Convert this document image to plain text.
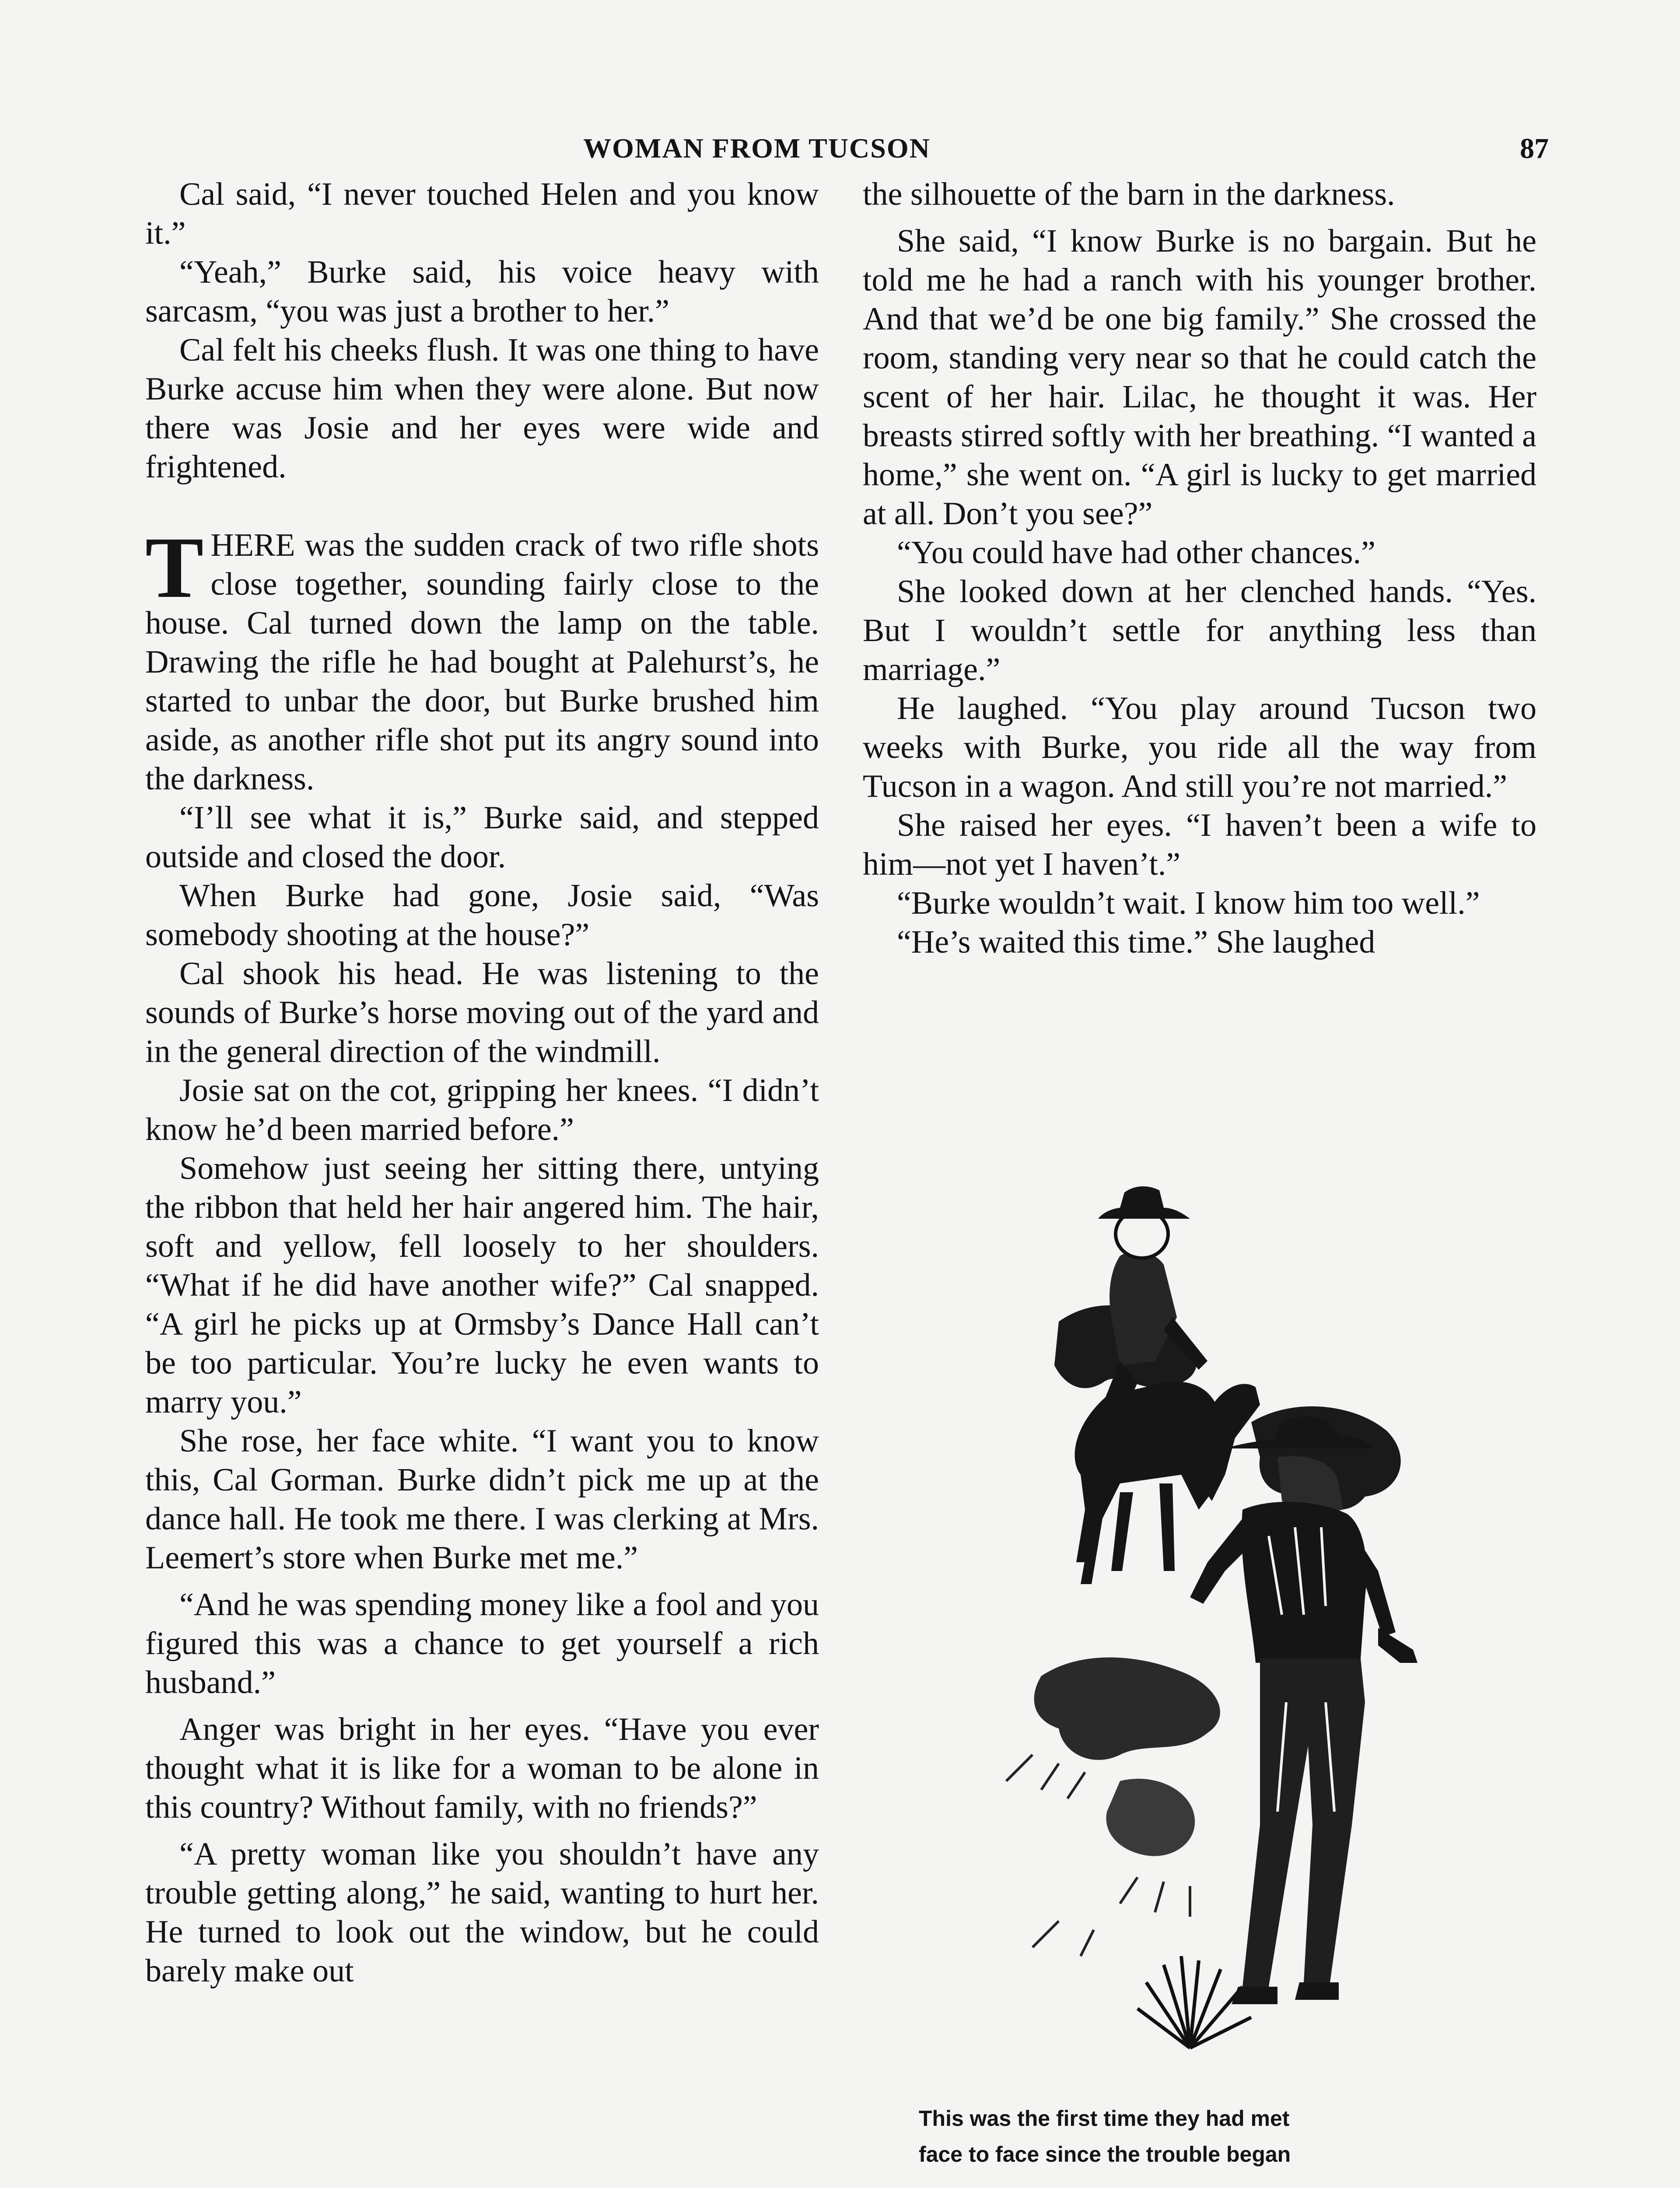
WOMAN FROM TUCSON	87

Cal said, “I never touched Helen and you know it.”

“Yeah,” Burke said, his voice heavy with sarcasm, “you was just a brother to her.”

Cal felt his cheeks flush. It was one thing to have Burke accuse him when they were alone. But now there was Josie and her eyes were wide and frightened.

THERE was the sudden crack of two rifle shots close together, sounding fairly close to the house. Cal turned down the lamp on the table. Drawing the rifle he had bought at Palehurst’s, he started to unbar the door, but Burke brushed him aside, as another rifle shot put its angry sound into the darkness.

“I’ll see what it is,” Burke said, and stepped outside and closed the door.

When Burke had gone, Josie said, “Was somebody shooting at the house?”

Cal shook his head. He was listening to the sounds of Burke’s horse moving out of the yard and in the general direction of the windmill.

Josie sat on the cot, gripping her knees. “I didn’t know he’d been married before.”

Somehow just seeing her sitting there, untying the ribbon that held her hair angered him. The hair, soft and yellow, fell loosely to her shoulders. “What if he did have another wife?” Cal snapped. “A girl he picks up at Ormsby’s Dance Hall can’t be too particular. You’re lucky he even wants to marry you.”

She rose, her face white. “I want you to know this, Cal Gorman. Burke didn’t pick me up at the dance hall. He took me there. I was clerking at Mrs. Leemert’s store when Burke met me.”

“And he was spending money like a fool and you figured this was a chance to get yourself a rich husband.”

Anger was bright in her eyes. “Have you ever thought what it is like for a woman to be alone in this country? Without family, with no friends?”

“A pretty woman like you shouldn’t have any trouble getting along,” he said, wanting to hurt her. He turned to look out the window, but he could barely make out

the silhouette of the barn in the darkness.

She said, “I know Burke is no bargain. But he told me he had a ranch with his younger brother. And that we’d be one big family.” She crossed the room, standing very near so that he could catch the scent of her hair. Lilac, he thought it was. Her breasts stirred softly with her breathing. “I wanted a home,” she went on. “A girl is lucky to get married at all. Don’t you see?”

“You could have had other chances.”

She looked down at her clenched hands. “Yes. But I wouldn’t settle for anything less than marriage.”

He laughed. “You play around Tucson two weeks with Burke, you ride all the way from Tucson in a wagon. And still you’re not married.”

She raised her eyes. “I haven’t been a wife to him—not yet I haven’t.”

“Burke wouldn’t wait. I know him too well.”

“He’s waited this time.” She laughed

This was the first time they had met
face to face since the trouble began
